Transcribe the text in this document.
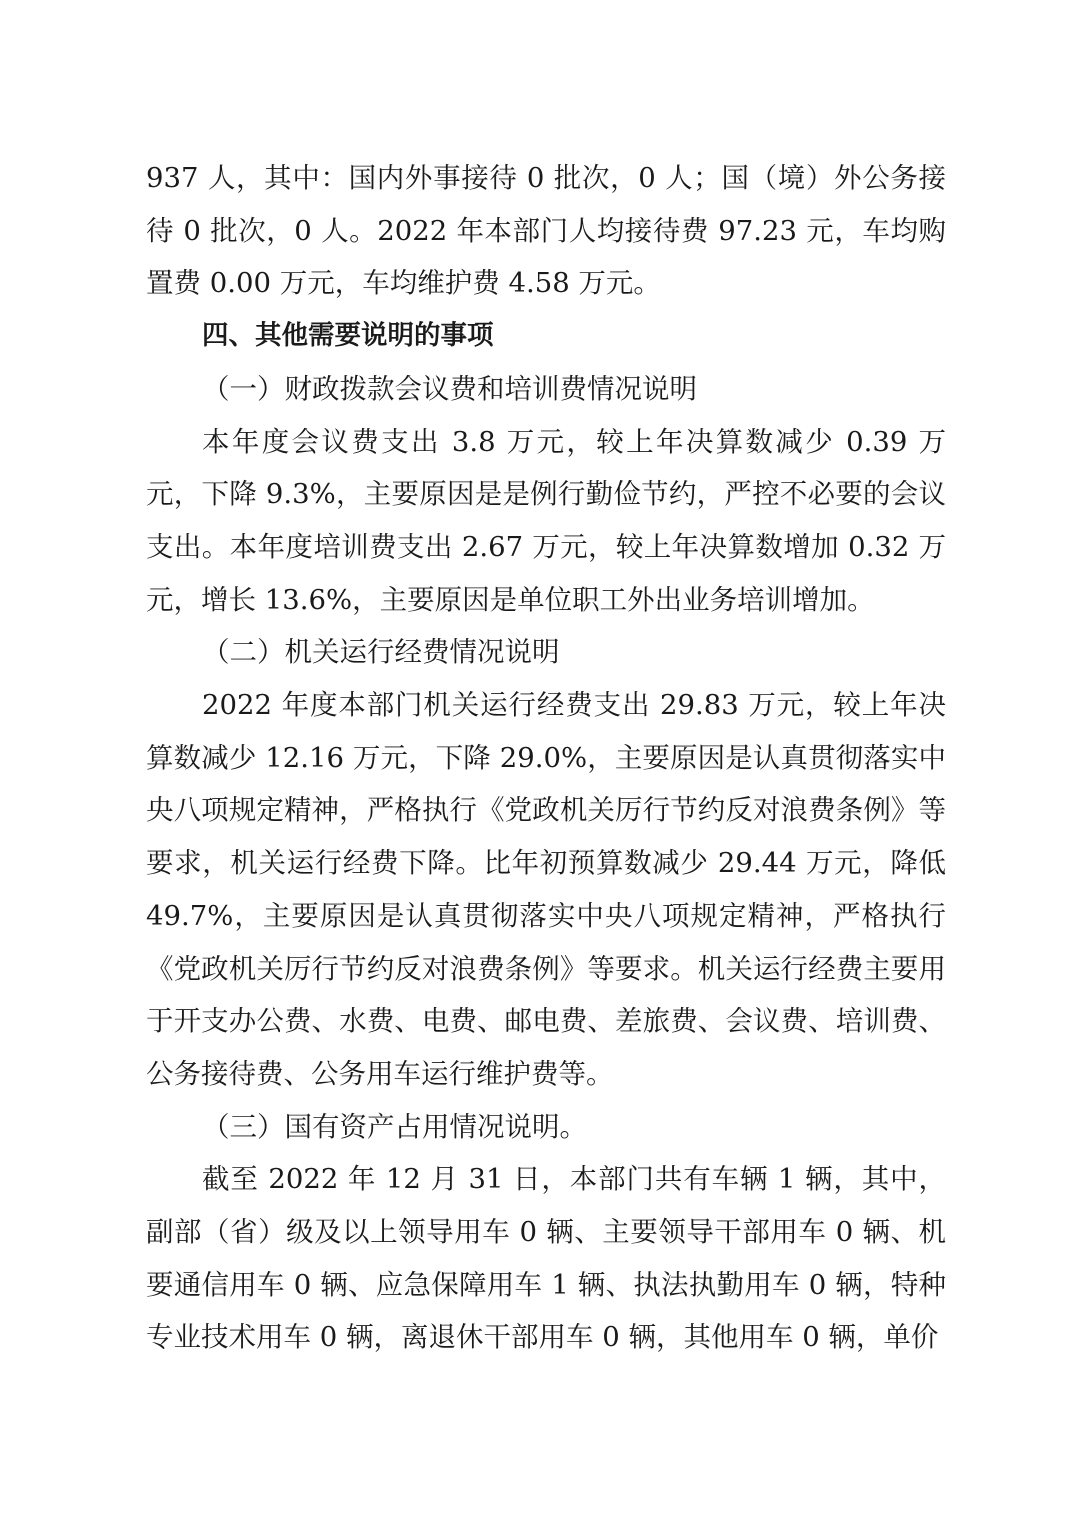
937 人，其中：国内外事接待 0 批次，0 人；国（境）外公务接待 0 批次，0 人。2022 年本部门人均接待费 97.23 元，车均购置费 0.00 万元，车均维护费 4.58 万元。

四、其他需要说明的事项

（一）财政拨款会议费和培训费情况说明

本年度会议费支出 3.8 万元，较上年决算数减少 0.39 万元，下降 9.3%，主要原因是是例行勤俭节约，严控不必要的会议支出。本年度培训费支出 2.67 万元，较上年决算数增加 0.32 万元，增长 13.6%，主要原因是单位职工外出业务培训增加。

（二）机关运行经费情况说明

2022 年度本部门机关运行经费支出 29.83 万元，较上年决算数减少 12.16 万元，下降 29.0%，主要原因是认真贯彻落实中央八项规定精神，严格执行《党政机关厉行节约反对浪费条例》等要求，机关运行经费下降。比年初预算数减少 29.44 万元，降低 49.7%，主要原因是认真贯彻落实中央八项规定精神，严格执行《党政机关厉行节约反对浪费条例》等要求。机关运行经费主要用于开支办公费、水费、电费、邮电费、差旅费、会议费、培训费、公务接待费、公务用车运行维护费等。

（三）国有资产占用情况说明。

截至 2022 年 12 月 31 日，本部门共有车辆 1 辆，其中，副部（省）级及以上领导用车 0 辆、主要领导干部用车 0 辆、机要通信用车 0 辆、应急保障用车 1 辆、执法执勤用车 0 辆，特种专业技术用车 0 辆，离退休干部用车 0 辆，其他用车 0 辆，单价
